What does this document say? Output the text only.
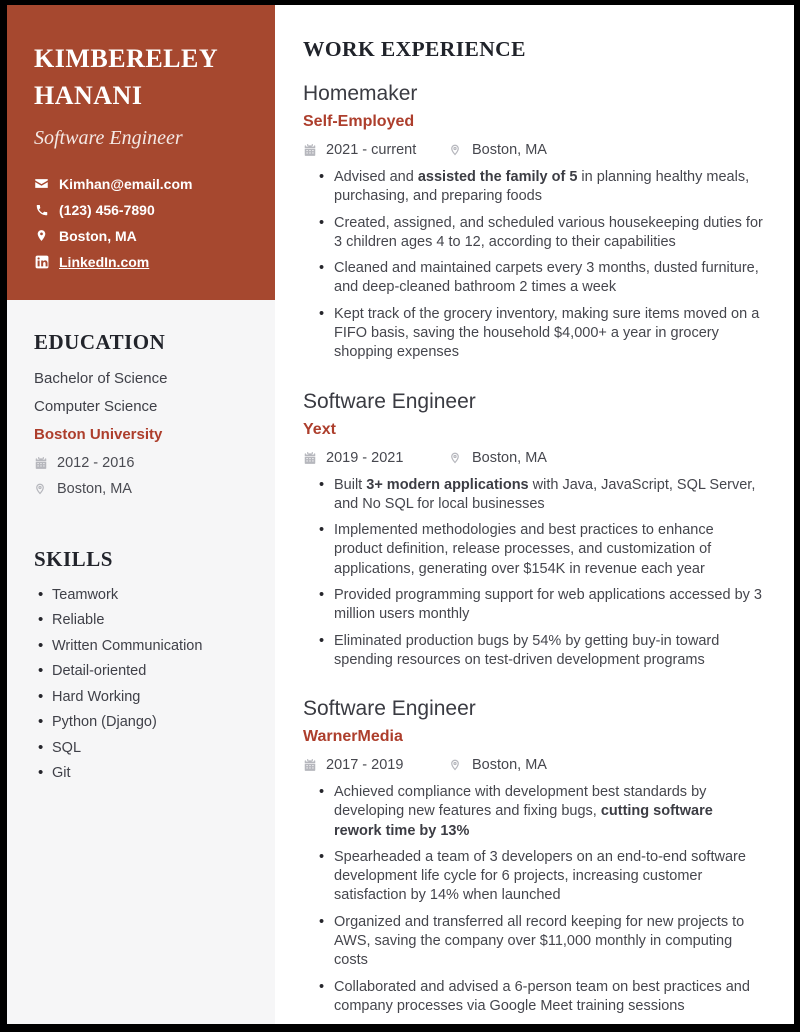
KIMBERELEY
HANANI
Software Engineer
Kimhan@email.com
(123) 456-7890
Boston, MA
LinkedIn.com
EDUCATION
Bachelor of Science
Computer Science
Boston University
2012 - 2016
Boston, MA
SKILLS
• Teamwork
• Reliable
• Written Communication
• Detail-oriented
• Hard Working
• Python (Django)
• SQL
• Git
WORK EXPERIENCE
Homemaker
Self-Employed
2021 - current	Boston, MA
• Advised and assisted the family of 5 in planning healthy meals, purchasing, and preparing foods
• Created, assigned, and scheduled various housekeeping duties for 3 children ages 4 to 12, according to their capabilities
• Cleaned and maintained carpets every 3 months, dusted furniture, and deep-cleaned bathroom 2 times a week
• Kept track of the grocery inventory, making sure items moved on a FIFO basis, saving the household $4,000+ a year in grocery shopping expenses
Software Engineer
Yext
2019 - 2021	Boston, MA
• Built 3+ modern applications with Java, JavaScript, SQL Server, and No SQL for local businesses
• Implemented methodologies and best practices to enhance product definition, release processes, and customization of applications, generating over $154K in revenue each year
• Provided programming support for web applications accessed by 3 million users monthly
• Eliminated production bugs by 54% by getting buy-in toward spending resources on test-driven development programs
Software Engineer
WarnerMedia
2017 - 2019	Boston, MA
• Achieved compliance with development best standards by developing new features and fixing bugs, cutting software rework time by 13%
• Spearheaded a team of 3 developers on an end-to-end software development life cycle for 6 projects, increasing customer satisfaction by 14% when launched
• Organized and transferred all record keeping for new projects to AWS, saving the company over $11,000 monthly in computing costs
• Collaborated and advised a 6-person team on best practices and company processes via Google Meet training sessions
